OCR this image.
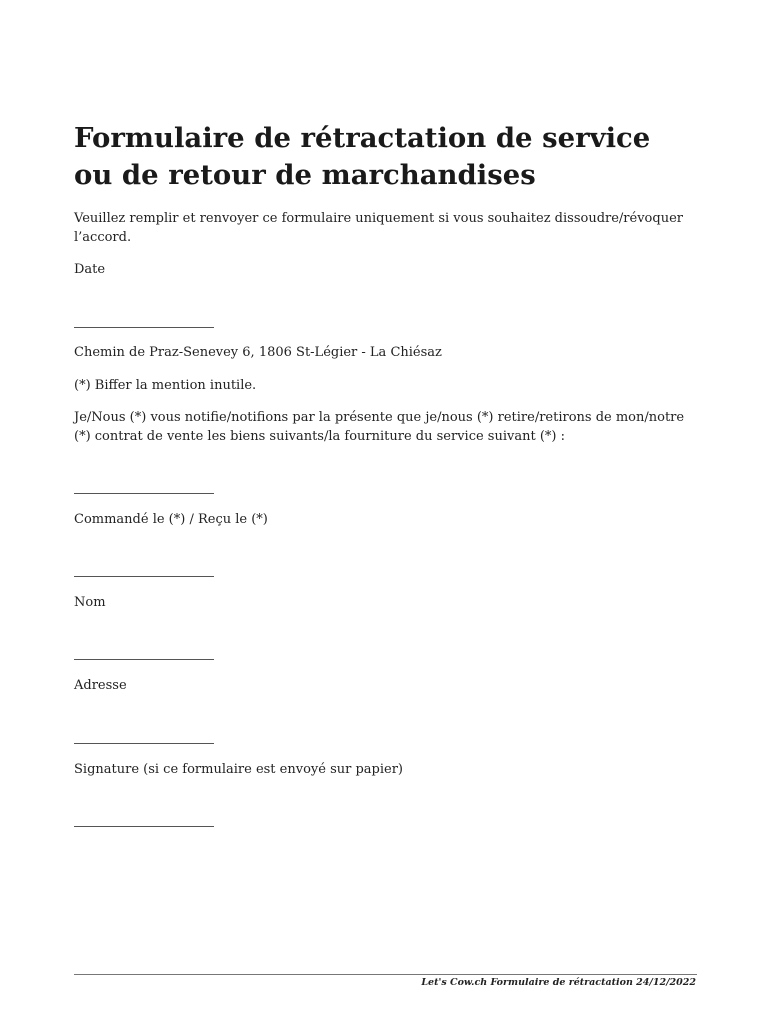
Formulaire de rétractation de service ou de retour de marchandises

Veuillez remplir et renvoyer ce formulaire uniquement si vous souhaitez dissoudre/révoquer l’accord.

Date

Chemin de Praz-Senevey 6, 1806 St-Légier - La Chiésaz

(*) Biffer la mention inutile.

Je/Nous (*) vous notifie/notifions par la présente que je/nous (*) retire/retirons de mon/notre (*) contrat de vente les biens suivants/la fourniture du service suivant (*) :

Commandé le (*) / Reçu le (*)

Nom

Adresse

Signature (si ce formulaire est envoyé sur papier)

Let's Cow.ch Formulaire de rétractation 24/12/2022
